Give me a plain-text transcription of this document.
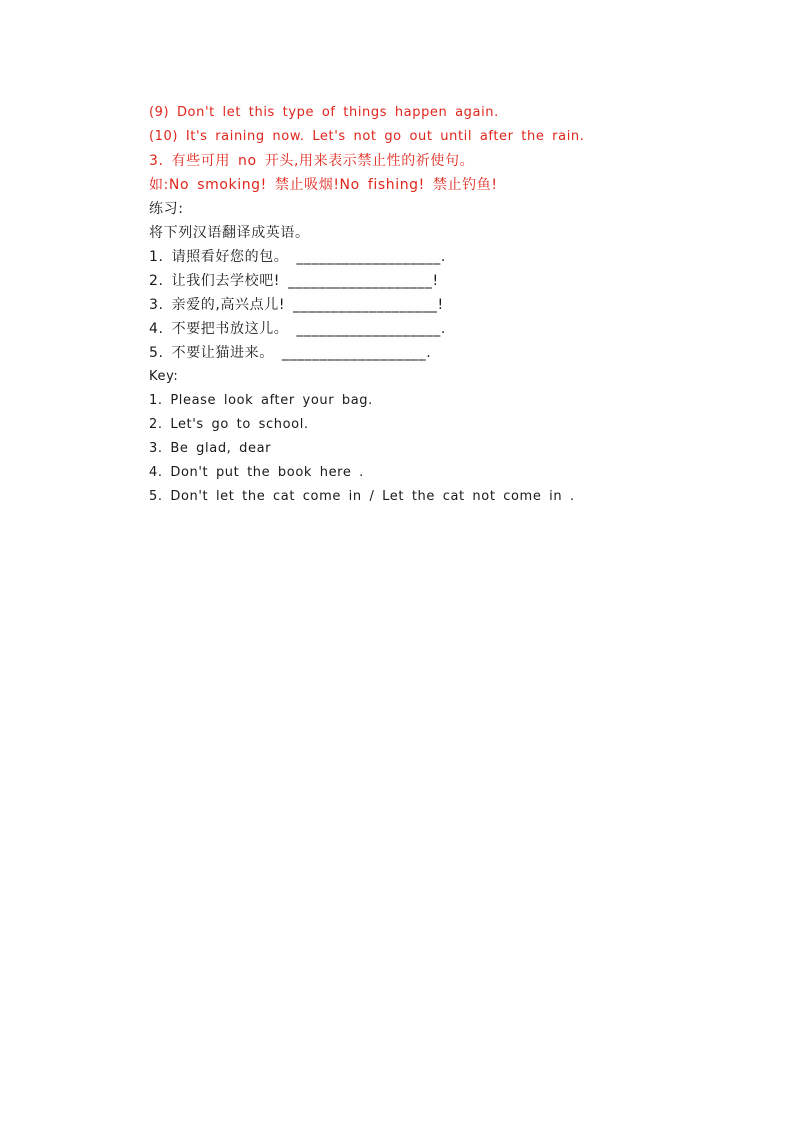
(9) Don't let this type of things happen again.
(10) It's raining now. Let's not go out until after the rain.
3. 有些可用 no 开头,用来表示禁止性的祈使句。
如:No smoking! 禁止吸烟!No fishing! 禁止钓鱼!
练习:
将下列汉语翻译成英语。
1. 请照看好您的包。 ___________________.
2. 让我们去学校吧! ___________________!
3. 亲爱的,高兴点儿! ___________________!
4. 不要把书放这儿。 ___________________.
5. 不要让猫进来。 ___________________.
Key:
1. Please look after your bag.
2. Let's go to school.
3. Be glad, dear
4. Don't put the book here .
5. Don't let the cat come in / Let the cat not come in .
